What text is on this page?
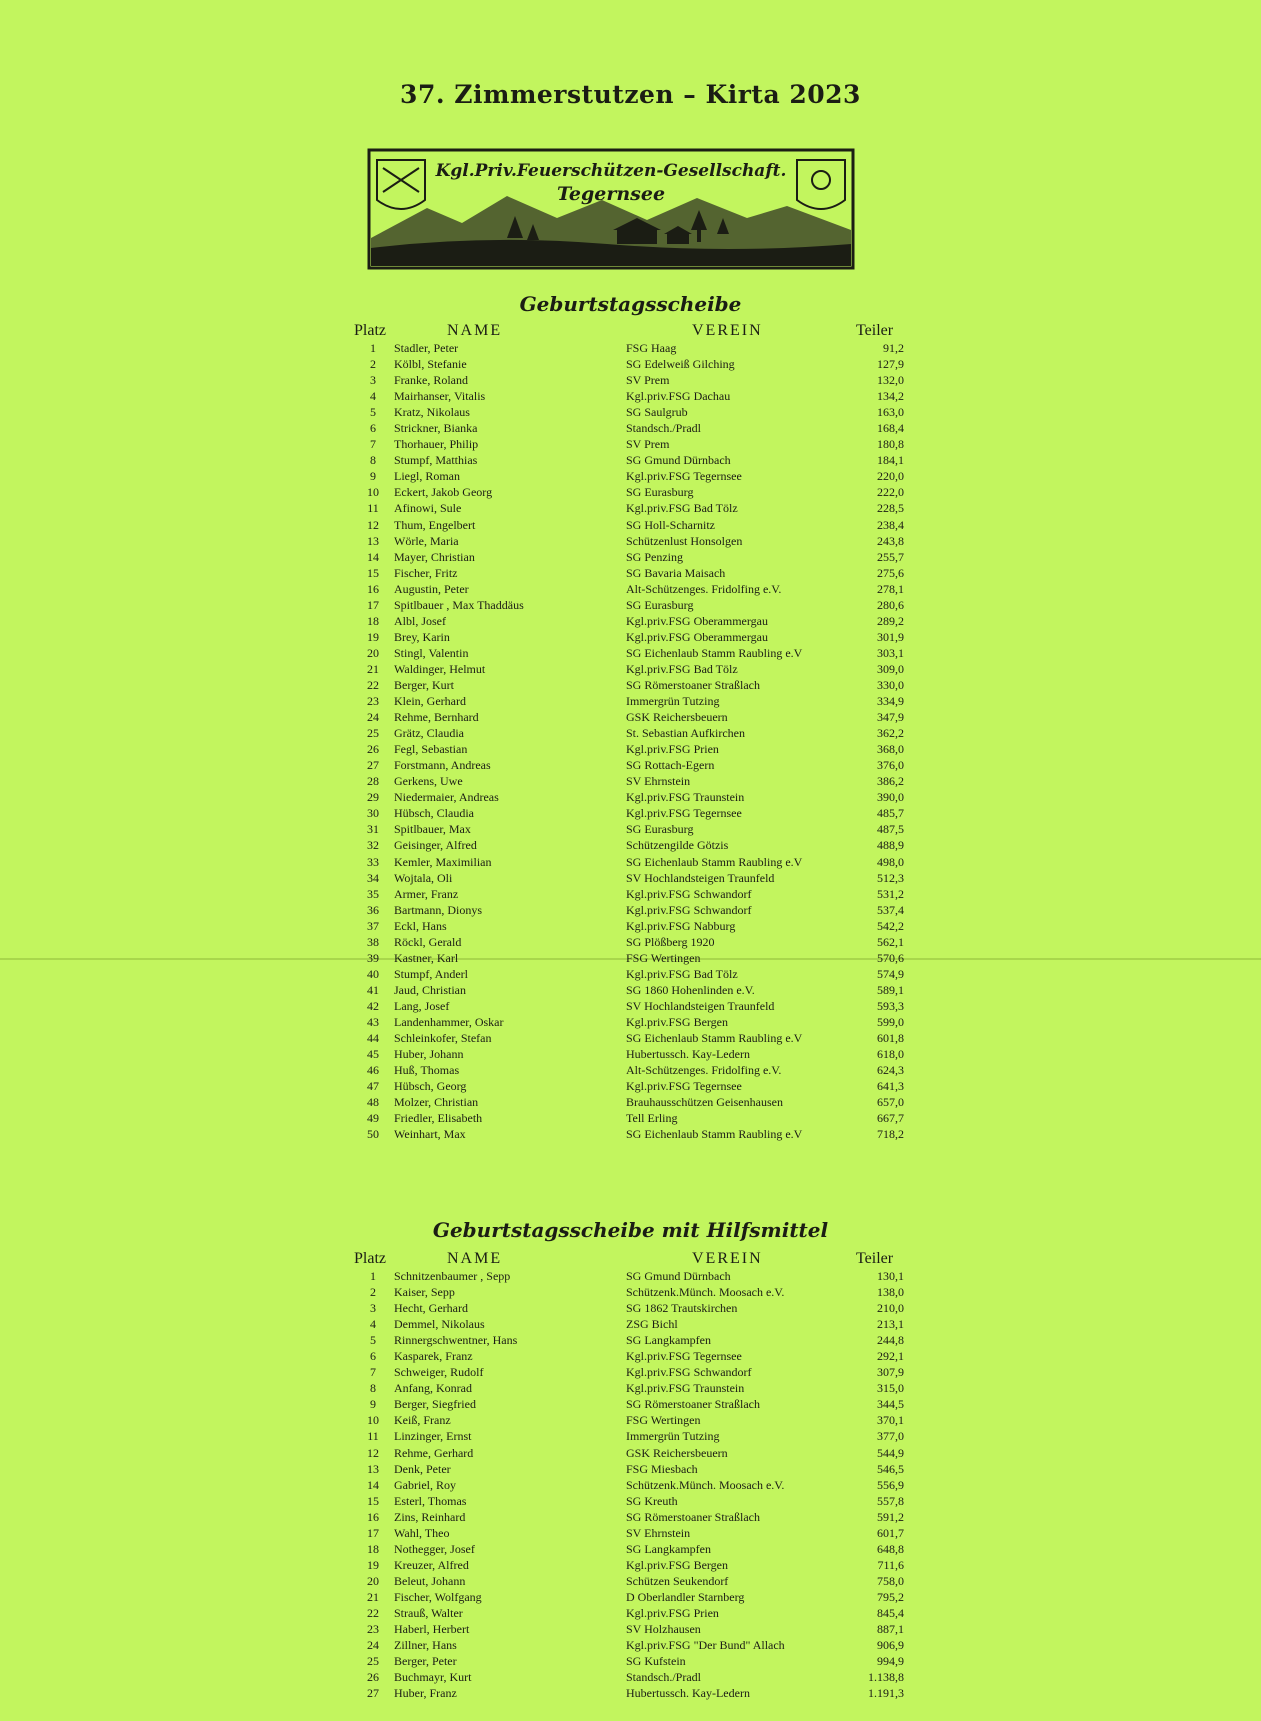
37. Zimmerstutzen – Kirta 2023
Kgl.Priv.Feuerschützen-Gesellschaft.
Tegernsee
Geburtstagsscheibe
Platz	NAME	VEREIN	Teiler
1	Stadler, Peter	FSG Haag	91,2
2	Kölbl, Stefanie	SG Edelweiß Gilching	127,9
3	Franke, Roland	SV Prem	132,0
4	Mairhanser, Vitalis	Kgl.priv.FSG Dachau	134,2
5	Kratz, Nikolaus	SG Saulgrub	163,0
6	Strickner, Bianka	Standsch./Pradl	168,4
7	Thorhauer, Philip	SV Prem	180,8
8	Stumpf, Matthias	SG Gmund Dürnbach	184,1
9	Liegl, Roman	Kgl.priv.FSG Tegernsee	220,0
10	Eckert, Jakob Georg	SG Eurasburg	222,0
11	Afinowi, Sule	Kgl.priv.FSG Bad Tölz	228,5
12	Thum, Engelbert	SG Holl-Scharnitz	238,4
13	Wörle, Maria	Schützenlust Honsolgen	243,8
14	Mayer, Christian	SG Penzing	255,7
15	Fischer, Fritz	SG Bavaria Maisach	275,6
16	Augustin, Peter	Alt-Schützenges. Fridolfing e.V.	278,1
17	Spitlbauer , Max Thaddäus	SG Eurasburg	280,6
18	Albl, Josef	Kgl.priv.FSG Oberammergau	289,2
19	Brey, Karin	Kgl.priv.FSG Oberammergau	301,9
20	Stingl, Valentin	SG Eichenlaub Stamm Raubling e.V	303,1
21	Waldinger, Helmut	Kgl.priv.FSG Bad Tölz	309,0
22	Berger, Kurt	SG Römerstoaner Straßlach	330,0
23	Klein, Gerhard	Immergrün Tutzing	334,9
24	Rehme, Bernhard	GSK Reichersbeuern	347,9
25	Grätz, Claudia	St. Sebastian Aufkirchen	362,2
26	Fegl, Sebastian	Kgl.priv.FSG Prien	368,0
27	Forstmann, Andreas	SG Rottach-Egern	376,0
28	Gerkens, Uwe	SV Ehrnstein	386,2
29	Niedermaier, Andreas	Kgl.priv.FSG Traunstein	390,0
30	Hübsch, Claudia	Kgl.priv.FSG Tegernsee	485,7
31	Spitlbauer, Max	SG Eurasburg	487,5
32	Geisinger, Alfred	Schützengilde Götzis	488,9
33	Kemler, Maximilian	SG Eichenlaub Stamm Raubling e.V	498,0
34	Wojtala, Oli	SV Hochlandsteigen Traunfeld	512,3
35	Armer, Franz	Kgl.priv.FSG Schwandorf	531,2
36	Bartmann, Dionys	Kgl.priv.FSG Schwandorf	537,4
37	Eckl, Hans	Kgl.priv.FSG Nabburg	542,2
38	Röckl, Gerald	SG Plößberg 1920	562,1
39	Kastner, Karl	FSG Wertingen	570,6
40	Stumpf, Anderl	Kgl.priv.FSG Bad Tölz	574,9
41	Jaud, Christian	SG 1860 Hohenlinden e.V.	589,1
42	Lang, Josef	SV Hochlandsteigen Traunfeld	593,3
43	Landenhammer, Oskar	Kgl.priv.FSG Bergen	599,0
44	Schleinkofer, Stefan	SG Eichenlaub Stamm Raubling e.V	601,8
45	Huber, Johann	Hubertussch. Kay-Ledern	618,0
46	Huß, Thomas	Alt-Schützenges. Fridolfing e.V.	624,3
47	Hübsch, Georg	Kgl.priv.FSG Tegernsee	641,3
48	Molzer, Christian	Brauhausschützen Geisenhausen	657,0
49	Friedler, Elisabeth	Tell Erling	667,7
50	Weinhart, Max	SG Eichenlaub Stamm Raubling e.V	718,2
Geburtstagsscheibe mit Hilfsmittel
Platz	NAME	VEREIN	Teiler
1	Schnitzenbaumer , Sepp	SG Gmund Dürnbach	130,1
2	Kaiser, Sepp	Schützenk.Münch. Moosach e.V.	138,0
3	Hecht, Gerhard	SG 1862 Trautskirchen	210,0
4	Demmel, Nikolaus	ZSG Bichl	213,1
5	Rinnergschwentner, Hans	SG Langkampfen	244,8
6	Kasparek, Franz	Kgl.priv.FSG Tegernsee	292,1
7	Schweiger, Rudolf	Kgl.priv.FSG Schwandorf	307,9
8	Anfang, Konrad	Kgl.priv.FSG Traunstein	315,0
9	Berger, Siegfried	SG Römerstoaner Straßlach	344,5
10	Keiß, Franz	FSG Wertingen	370,1
11	Linzinger, Ernst	Immergrün Tutzing	377,0
12	Rehme, Gerhard	GSK Reichersbeuern	544,9
13	Denk, Peter	FSG Miesbach	546,5
14	Gabriel, Roy	Schützenk.Münch. Moosach e.V.	556,9
15	Esterl, Thomas	SG Kreuth	557,8
16	Zins, Reinhard	SG Römerstoaner Straßlach	591,2
17	Wahl, Theo	SV Ehrnstein	601,7
18	Nothegger, Josef	SG Langkampfen	648,8
19	Kreuzer, Alfred	Kgl.priv.FSG Bergen	711,6
20	Beleut, Johann	Schützen Seukendorf	758,0
21	Fischer, Wolfgang	D Oberlandler Starnberg	795,2
22	Strauß, Walter	Kgl.priv.FSG Prien	845,4
23	Haberl, Herbert	SV Holzhausen	887,1
24	Zillner, Hans	Kgl.priv.FSG "Der Bund" Allach	906,9
25	Berger, Peter	SG Kufstein	994,9
26	Buchmayr, Kurt	Standsch./Pradl	1.138,8
27	Huber, Franz	Hubertussch. Kay-Ledern	1.191,3
